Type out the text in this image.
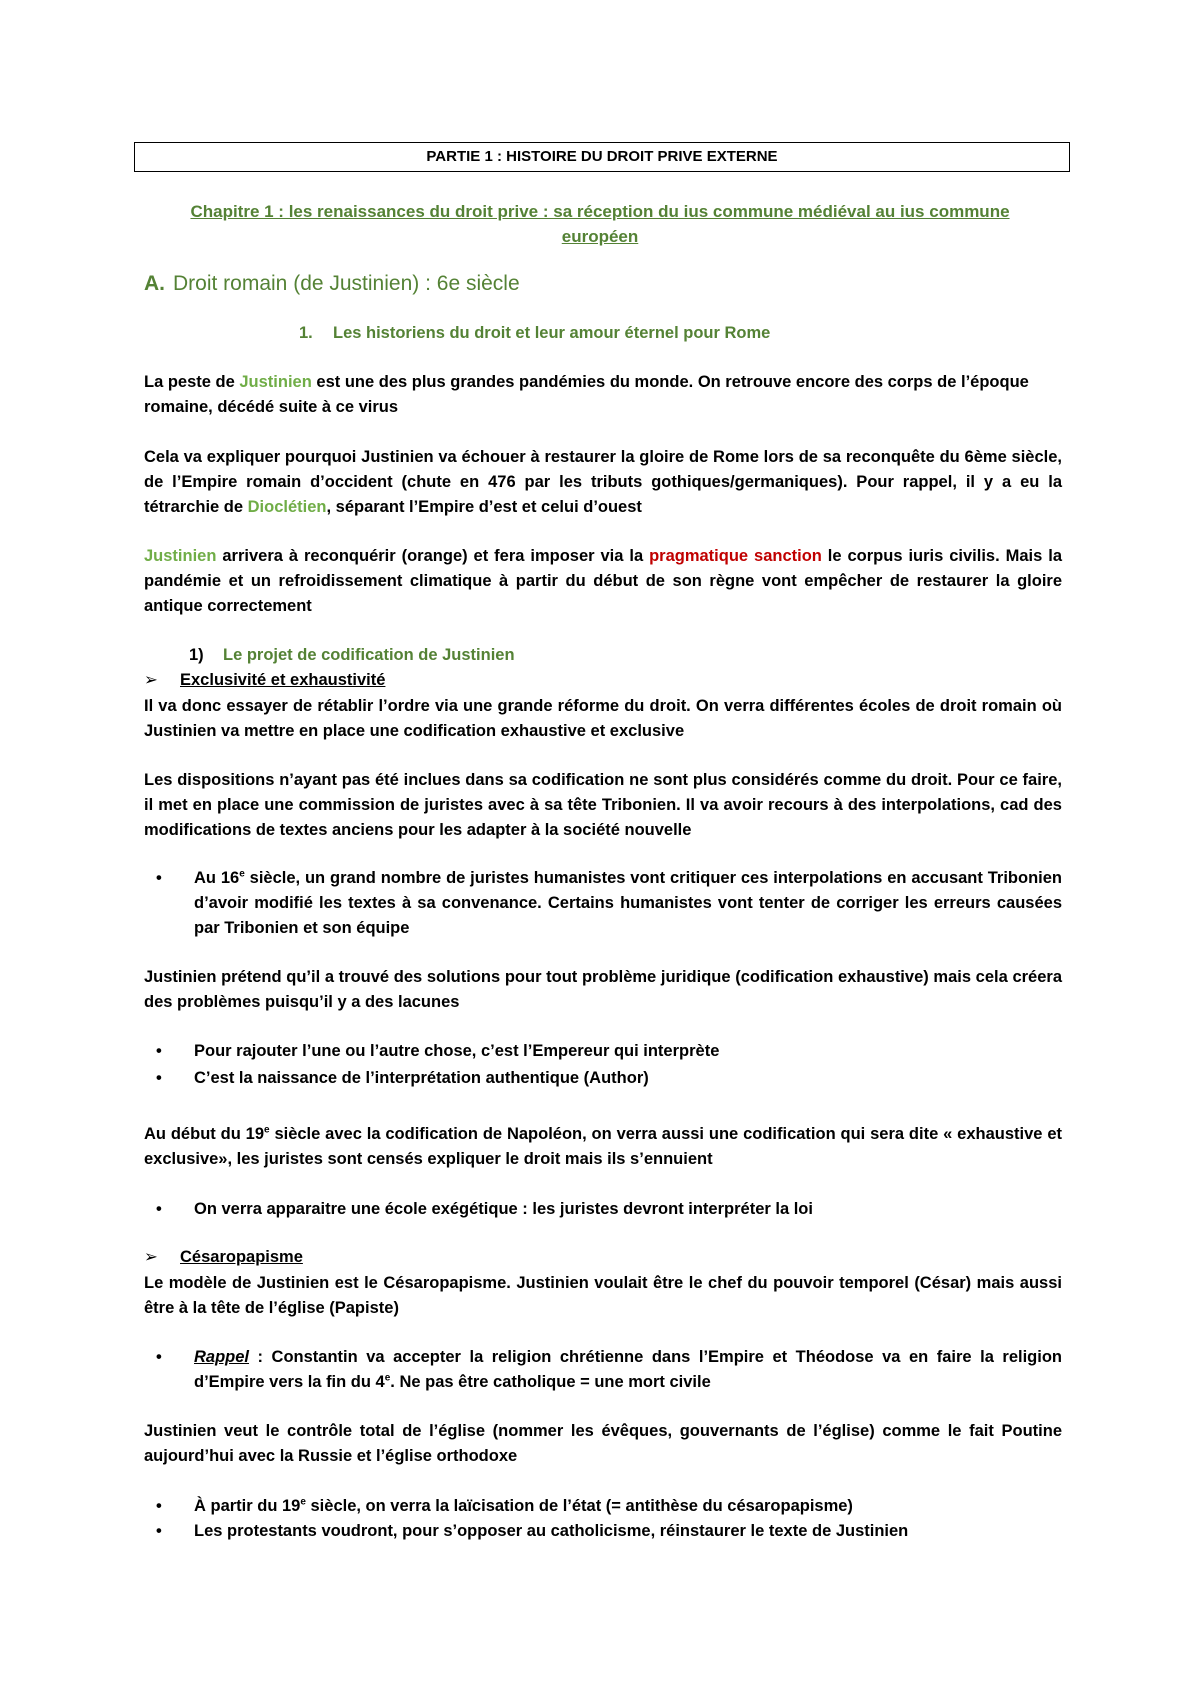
PARTIE 1 : HISTOIRE DU DROIT PRIVE EXTERNE
Chapitre 1 : les renaissances du droit prive : sa réception du ius commune médiéval au ius commune européen
A. Droit romain (de Justinien) : 6e siècle
1. Les historiens du droit et leur amour éternel pour Rome
La peste de Justinien est une des plus grandes pandémies du monde. On retrouve encore des corps de l’époque romaine, décédé suite à ce virus
Cela va expliquer pourquoi Justinien va échouer à restaurer la gloire de Rome lors de sa reconquête du 6ème siècle, de l’Empire romain d’occident (chute en 476 par les tributs gothiques/germaniques). Pour rappel, il y a eu la tétrarchie de Dioclétien, séparant l’Empire d’est et celui d’ouest
Justinien arrivera à reconquérir (orange) et fera imposer via la pragmatique sanction le corpus iuris civilis. Mais la pandémie et un refroidissement climatique à partir du début de son règne vont empêcher de restaurer la gloire antique correctement
1) Le projet de codification de Justinien
➢ Exclusivité et exhaustivité
Il va donc essayer de rétablir l’ordre via une grande réforme du droit. On verra différentes écoles de droit romain où Justinien va mettre en place une codification exhaustive et exclusive
Les dispositions n’ayant pas été inclues dans sa codification ne sont plus considérés comme du droit. Pour ce faire, il met en place une commission de juristes avec à sa tête Tribonien. Il va avoir recours à des interpolations, cad des modifications de textes anciens pour les adapter à la société nouvelle
•	Au 16e siècle, un grand nombre de juristes humanistes vont critiquer ces interpolations en accusant Tribonien d’avoir modifié les textes à sa convenance. Certains humanistes vont tenter de corriger les erreurs causées par Tribonien et son équipe
Justinien prétend qu’il a trouvé des solutions pour tout problème juridique (codification exhaustive) mais cela créera des problèmes puisqu’il y a des lacunes
•	Pour rajouter l’une ou l’autre chose, c’est l’Empereur qui interprète
•	C’est la naissance de l’interprétation authentique (Author)
Au début du 19e siècle avec la codification de Napoléon, on verra aussi une codification qui sera dite « exhaustive et exclusive», les juristes sont censés expliquer le droit mais ils s’ennuient
•	On verra apparaitre une école exégétique : les juristes devront interpréter la loi
➢ Césaropapisme
Le modèle de Justinien est le Césaropapisme. Justinien voulait être le chef du pouvoir temporel (César) mais aussi être à la tête de l’église (Papiste)
•	Rappel : Constantin va accepter la religion chrétienne dans l’Empire et Théodose va en faire la religion d’Empire vers la fin du 4e. Ne pas être catholique = une mort civile
Justinien veut le contrôle total de l’église (nommer les évêques, gouvernants de l’église) comme le fait Poutine aujourd’hui avec la Russie et l’église orthodoxe
•	À partir du 19e siècle, on verra la laïcisation de l’état (= antithèse du césaropapisme)
•	Les protestants voudront, pour s’opposer au catholicisme, réinstaurer le texte de Justinien
